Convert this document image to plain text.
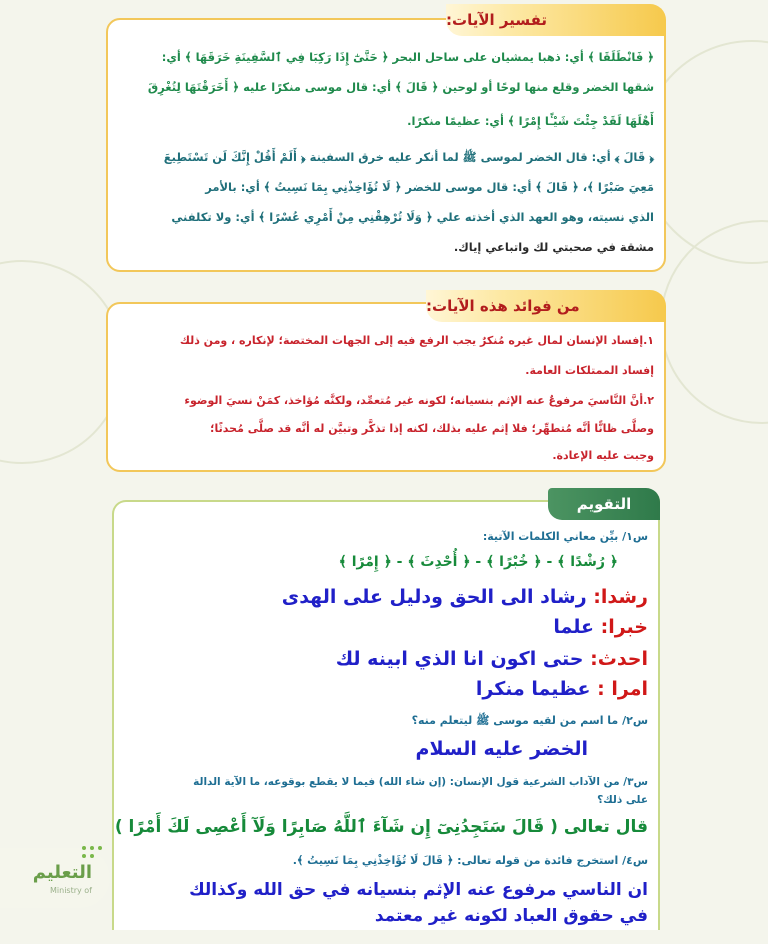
تفسير الآيات:
﴿ فَانْطَلَقَا ﴾ أي: ذهبا يمشيان على ساحل البحر ﴿ حَتَّىٰٓ إِذَا رَكِبَا فِي ٱلسَّفِينَةِ خَرَقَهَا ﴾ أي:
شقها الخضر وقلع منها لوحًا أو لوحين ﴿ قَالَ ﴾ أي: قال موسى منكرًا عليه ﴿ أَخَرَقْتَهَا لِتُغْرِقَ
أَهْلَهَا لَقَدْ جِئْتَ شَيْـًٔا إِمْرًا ﴾ أي: عظيمًا منكرًا.
﴿ قَالَ ﴾ أي: قال الخضر لموسى ﷺ لما أنكر عليه خرق السفينة ﴿ أَلَمْ أَقُلْ إِنَّكَ لَن تَسْتَطِيعَ
مَعِيَ صَبْرًا ﴾، ﴿ قَالَ ﴾ أي: قال موسى للخضر ﴿ لَا تُؤَاخِذْنِي بِمَا نَسِيتُ ﴾ أي: بالأمر
الذي نسيته، وهو العهد الذي أخذته علي ﴿ وَلَا تُرْهِقْنِي مِنْ أَمْرِي عُسْرًا ﴾ أي: ولا تكلفني
مشقة في صحبتي لك واتباعي إياك.
من فوائد هذه الآيات:
١.إفساد الإنسان لمال غيره مُنكرٌ يجب الرفع فيه إلى الجهات المختصة؛ لإنكاره ، ومن ذلك
إفساد الممتلكات العامة.
٢.أنَّ النَّاسيَ مرفوعٌ عنه الإثم بنسيانه؛ لكونه غير مُتعمِّد، ولكنَّه مُؤاخذ، كمَنْ نسيَ الوضوء
وصلَّى ظانًّا أنَّه مُتطهِّر؛ فلا إثم عليه بذلك، لكنه إذا تذكَّر وتبيَّن له أنَّه قد صلَّى مُحدثًا؛
وجبت عليه الإعادة.
التقويم
س١/ بيِّن معاني الكلمات الآتية:
﴿ رُشْدًا ﴾ - ﴿ خُبْرًا ﴾ - ﴿ أُحْدِثَ ﴾ - ﴿ إِمْرًا ﴾
رشدا: رشاد الى الحق ودليل على الهدى
خبرا: علما
احدث: حتى اكون انا الذي ابينه لك
امرا : عظيما منكرا
س٢/ ما اسم من لقيه موسى ﷺ ليتعلم منه؟
الخضر عليه السلام
س٣/ من الآداب الشرعية قول الإنسان: (إن شاء الله) فيما لا يقطع بوقوعه، ما الآية الدالة
على ذلك؟
قال تعالى ( قَالَ سَتَجِدُنِىٓ إِن شَآءَ ٱللَّهُ صَابِرًا وَلَآ أَعْصِى لَكَ أَمْرًا )
س٤/ استخرج فائدة من قوله تعالى: ﴿ قَالَ لَا تُؤَاخِذْنِي بِمَا نَسِيتُ ﴾.
ان الناسي مرفوع عنه الإثم بنسيانه في حق الله وكذالك
في حقوق العباد لكونه غير معتمد
التعليم
Ministry of
